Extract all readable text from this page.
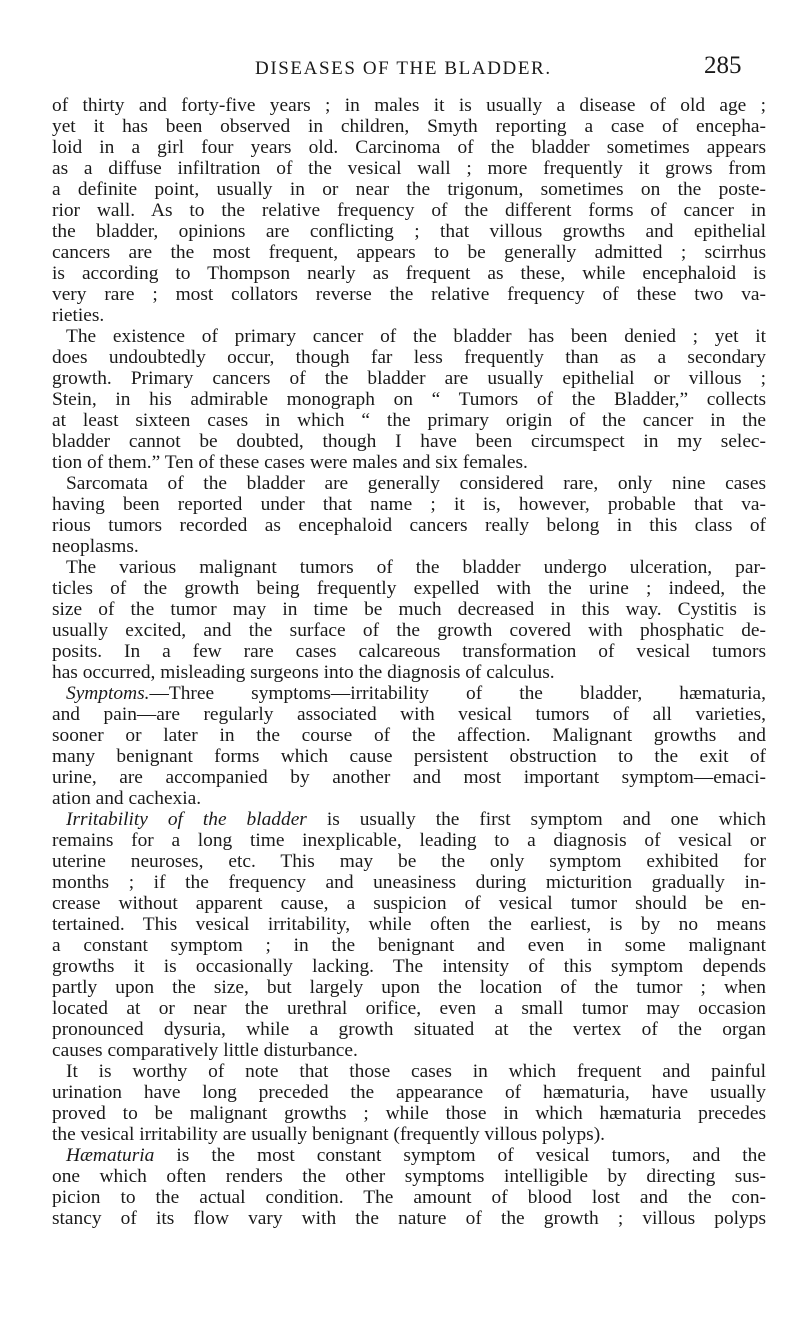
DISEASES OF THE BLADDER.	285
of thirty and forty-five years ; in males it is usually a disease of old age ;
yet it has been observed in children, Smyth reporting a case of encepha-
loid in a girl four years old. Carcinoma of the bladder sometimes appears
as a diffuse infiltration of the vesical wall ; more frequently it grows from
a definite point, usually in or near the trigonum, sometimes on the poste-
rior wall. As to the relative frequency of the different forms of cancer in
the bladder, opinions are conflicting ; that villous growths and epithelial
cancers are the most frequent, appears to be generally admitted ; scirrhus
is according to Thompson nearly as frequent as these, while encephaloid is
very rare ; most collators reverse the relative frequency of these two va-
rieties.
The existence of primary cancer of the bladder has been denied ; yet it
does undoubtedly occur, though far less frequently than as a secondary
growth. Primary cancers of the bladder are usually epithelial or villous ;
Stein, in his admirable monograph on “ Tumors of the Bladder,” collects
at least sixteen cases in which “ the primary origin of the cancer in the
bladder cannot be doubted, though I have been circumspect in my selec-
tion of them.” Ten of these cases were males and six females.
Sarcomata of the bladder are generally considered rare, only nine cases
having been reported under that name ; it is, however, probable that va-
rious tumors recorded as encephaloid cancers really belong in this class of
neoplasms.
The various malignant tumors of the bladder undergo ulceration, par-
ticles of the growth being frequently expelled with the urine ; indeed, the
size of the tumor may in time be much decreased in this way. Cystitis is
usually excited, and the surface of the growth covered with phosphatic de-
posits. In a few rare cases calcareous transformation of vesical tumors
has occurred, misleading surgeons into the diagnosis of calculus.
Symptoms.—Three symptoms—irritability of the bladder, hæmaturia,
and pain—are regularly associated with vesical tumors of all varieties,
sooner or later in the course of the affection. Malignant growths and
many benignant forms which cause persistent obstruction to the exit of
urine, are accompanied by another and most important symptom—emaci-
ation and cachexia.
Irritability of the bladder is usually the first symptom and one which
remains for a long time inexplicable, leading to a diagnosis of vesical or
uterine neuroses, etc. This may be the only symptom exhibited for
months ; if the frequency and uneasiness during micturition gradually in-
crease without apparent cause, a suspicion of vesical tumor should be en-
tertained. This vesical irritability, while often the earliest, is by no means
a constant symptom ; in the benignant and even in some malignant
growths it is occasionally lacking. The intensity of this symptom depends
partly upon the size, but largely upon the location of the tumor ; when
located at or near the urethral orifice, even a small tumor may occasion
pronounced dysuria, while a growth situated at the vertex of the organ
causes comparatively little disturbance.
It is worthy of note that those cases in which frequent and painful
urination have long preceded the appearance of hæmaturia, have usually
proved to be malignant growths ; while those in which hæmaturia precedes
the vesical irritability are usually benignant (frequently villous polyps).
Hæmaturia is the most constant symptom of vesical tumors, and the
one which often renders the other symptoms intelligible by directing sus-
picion to the actual condition. The amount of blood lost and the con-
stancy of its flow vary with the nature of the growth ; villous polyps
